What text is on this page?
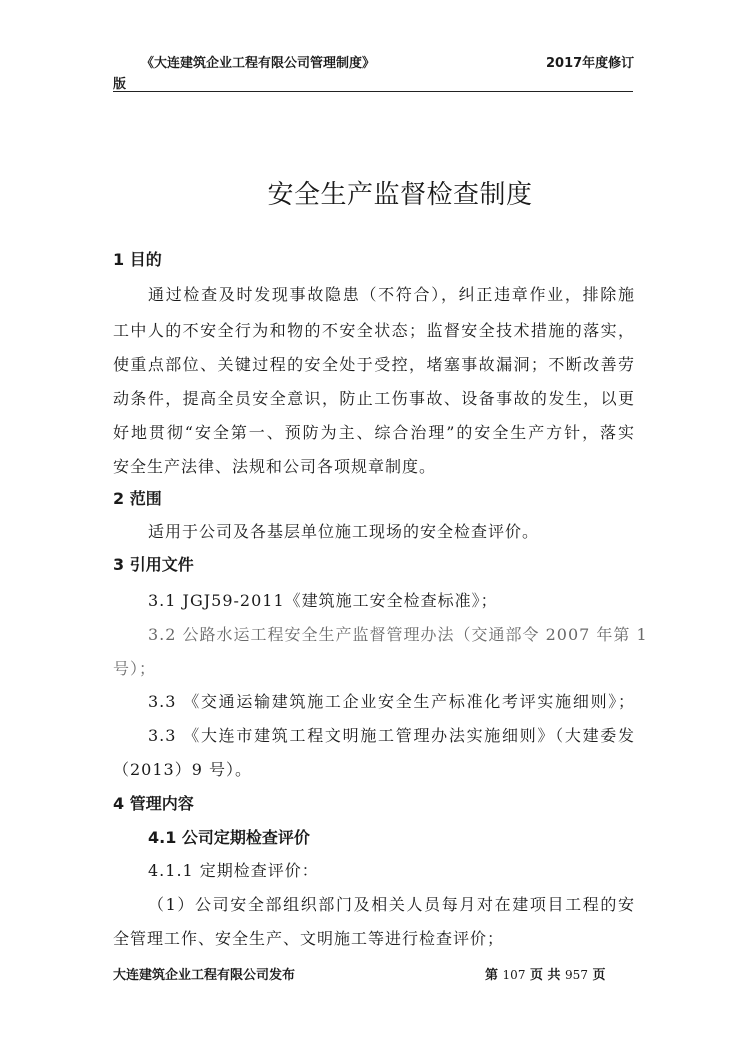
《大连建筑企业工程有限公司管理制度》	2017年度修订
版
安全生产监督检查制度
1 目的
通过检查及时发现事故隐患（不符合），纠正违章作业，排除施
工中人的不安全行为和物的不安全状态；监督安全技术措施的落实，
使重点部位、关键过程的安全处于受控，堵塞事故漏洞；不断改善劳
动条件，提高全员安全意识，防止工伤事故、设备事故的发生，以更
好地贯彻“安全第一、预防为主、综合治理”的安全生产方针，落实
安全生产法律、法规和公司各项规章制度。
2 范围
适用于公司及各基层单位施工现场的安全检查评价。
3 引用文件
3.1 JGJ59-2011《建筑施工安全检查标准》；
3.2 公路水运工程安全生产监督管理办法（交通部令 2007 年第 1
号）；
3.3 《交通运输建筑施工企业安全生产标准化考评实施细则》；
3.3 《大连市建筑工程文明施工管理办法实施细则》（大建委发
（2013）9 号）。
4 管理内容
4.1 公司定期检查评价
4.1.1 定期检查评价：
（1）公司安全部组织部门及相关人员每月对在建项目工程的安
全管理工作、安全生产、文明施工等进行检查评价；
大连建筑企业工程有限公司发布	第 107 页 共 957 页
